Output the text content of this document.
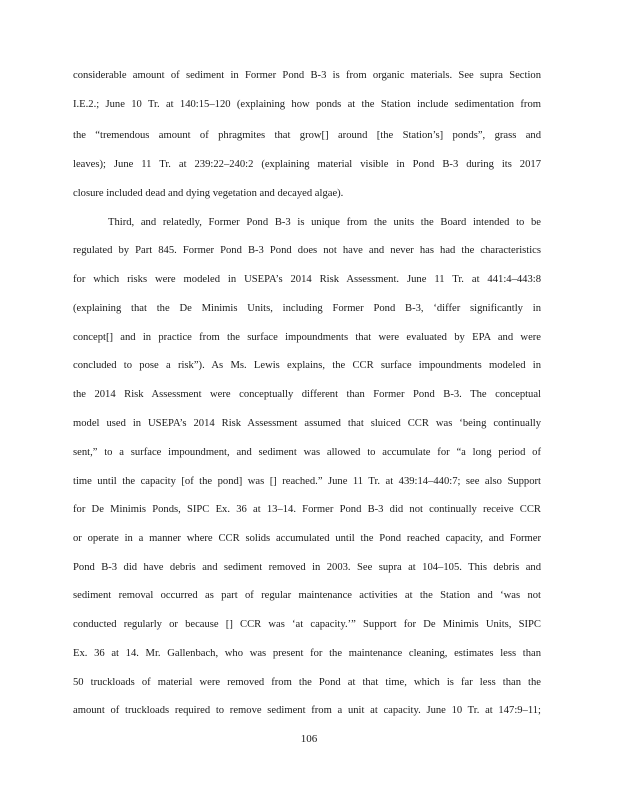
considerable amount of sediment in Former Pond B-3 is from organic materials. See supra Section
I.E.2.; June 10 Tr. at 140:15–120 (explaining how ponds at the Station include sedimentation from
the “tremendous amount of phragmites that grow[] around [the Station’s] ponds”, grass and
leaves); June 11 Tr. at 239:22–240:2 (explaining material visible in Pond B-3 during its 2017
closure included dead and dying vegetation and decayed algae).
Third, and relatedly, Former Pond B-3 is unique from the units the Board intended to be
regulated by Part 845. Former Pond B-3 Pond does not have and never has had the characteristics
for which risks were modeled in USEPA’s 2014 Risk Assessment. June 11 Tr. at 441:4–443:8
(explaining that the De Minimis Units, including Former Pond B-3, ‘differ significantly in
concept[] and in practice from the surface impoundments that were evaluated by EPA and were
concluded to pose a risk”). As Ms. Lewis explains, the CCR surface impoundments modeled in
the 2014 Risk Assessment were conceptually different than Former Pond B-3. The conceptual
model used in USEPA’s 2014 Risk Assessment assumed that sluiced CCR was ‘being continually
sent,” to a surface impoundment, and sediment was allowed to accumulate for “a long period of
time until the capacity [of the pond] was [] reached.” June 11 Tr. at 439:14–440:7; see also Support
for De Minimis Ponds, SIPC Ex. 36 at 13–14. Former Pond B-3 did not continually receive CCR
or operate in a manner where CCR solids accumulated until the Pond reached capacity, and Former
Pond B-3 did have debris and sediment removed in 2003. See supra at 104–105. This debris and
sediment removal occurred as part of regular maintenance activities at the Station and ‘was not
conducted regularly or because [] CCR was ‘at capacity.’” Support for De Minimis Units, SIPC
Ex. 36 at 14. Mr. Gallenbach, who was present for the maintenance cleaning, estimates less than
50 truckloads of material were removed from the Pond at that time, which is far less than the
amount of truckloads required to remove sediment from a unit at capacity. June 10 Tr. at 147:9–11;
106
